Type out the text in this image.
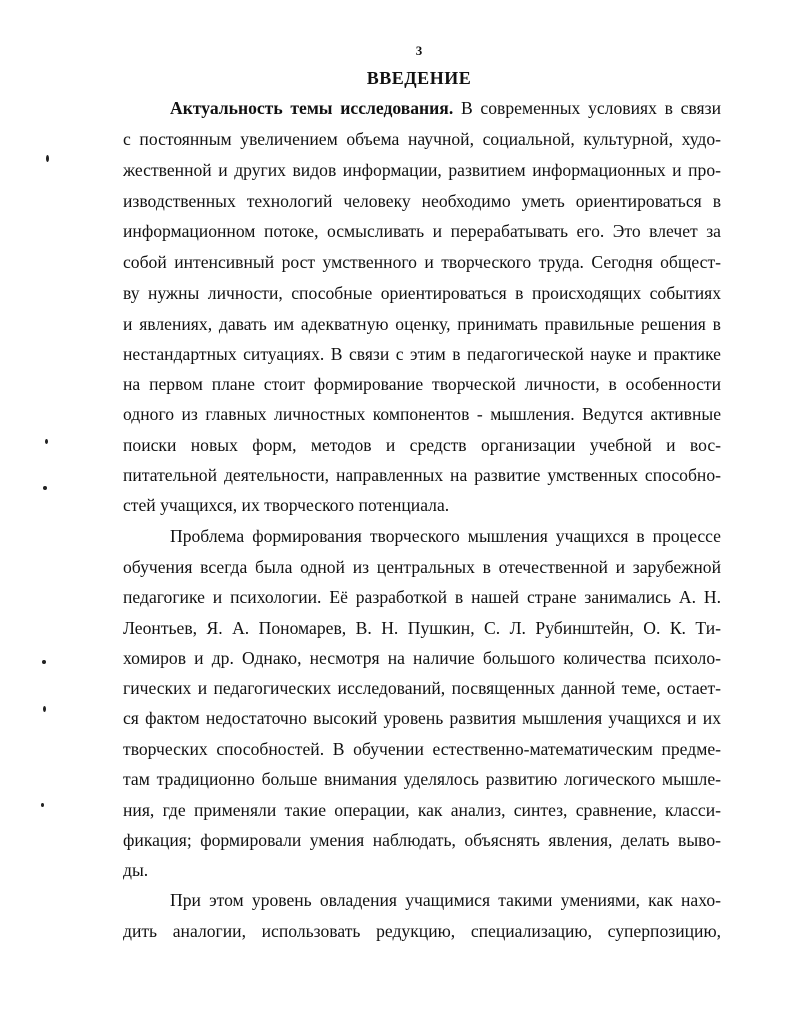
3
ВВЕДЕНИЕ
Актуальность темы исследования. В современных условиях в связи
с постоянным увеличением объема научной, социальной, культурной, худо-
жественной и других видов информации, развитием информационных и про-
изводственных технологий человеку необходимо уметь ориентироваться в
информационном потоке, осмысливать и перерабатывать его. Это влечет за
собой интенсивный рост умственного и творческого труда. Сегодня общест-
ву нужны личности, способные ориентироваться в происходящих событиях
и явлениях, давать им адекватную оценку, принимать правильные решения в
нестандартных ситуациях. В связи с этим в педагогической науке и практике
на первом плане стоит формирование творческой личности, в особенности
одного из главных личностных компонентов - мышления. Ведутся активные
поиски новых форм, методов и средств организации учебной и вос-
питательной деятельности, направленных на развитие умственных способно-
стей учащихся, их творческого потенциала.
Проблема формирования творческого мышления учащихся в процессе
обучения всегда была одной из центральных в отечественной и зарубежной
педагогике и психологии. Её разработкой в нашей стране занимались А. Н.
Леонтьев, Я. А. Пономарев, В. Н. Пушкин, С. Л. Рубинштейн, О. К. Ти-
хомиров и др. Однако, несмотря на наличие большого количества психоло-
гических и педагогических исследований, посвященных данной теме, остает-
ся фактом недостаточно высокий уровень развития мышления учащихся и их
творческих способностей. В обучении естественно-математическим предме-
там традиционно больше внимания уделялось развитию логического мышле-
ния, где применяли такие операции, как анализ, синтез, сравнение, класси-
фикация; формировали умения наблюдать, объяснять явления, делать выво-
ды.
При этом уровень овладения учащимися такими умениями, как нахо-
дить аналогии, использовать редукцию, специализацию, суперпозицию,
